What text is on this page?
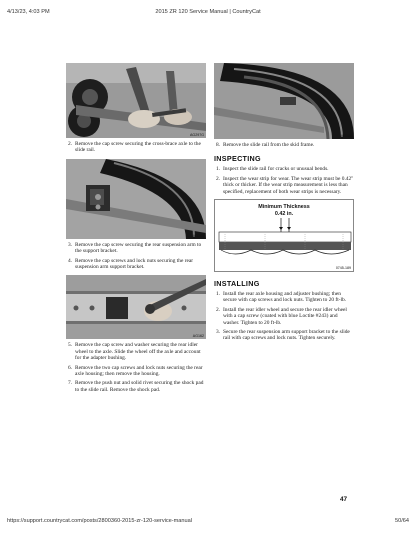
4/13/23, 4:03 PM	2015 ZR 120 Service Manual | CountryCat
AG297G

2. Remove the cap screw securing the cross-brace axle to the slide rail.

AG160

3. Remove the cap screw securing the rear suspension arm to the support bracket.

4. Remove the cap screws and lock nuts securing the rear suspension arm support bracket.

AG162

5. Remove the cap screw and washer securing the rear idler wheel to the axle. Slide the wheel off the axle and account for the adapter bushing.

6. Remove the two cap screws and lock nuts securing the rear axle housing; then remove the housing.

7. Remove the push nut and solid rivet securing the shock pad to the slide rail. Remove the shock pad.

AG161

8. Remove the slide rail from the skid frame.

INSPECTING

1. Inspect the slide rail for cracks or unusual bends.

2. Inspect the wear strip for wear. The wear strip must be 0.42" thick or thicker. If the wear strip measurement is less than specified, replacement of both wear strips is necessary.

Minimum Thickness
0.42 in.
0745-189
INSTALLING

1. Install the rear axle housing and adjuster bushing; then secure with cap screws and lock nuts. Tighten to 20 ft-lb.

2. Install the rear idler wheel and secure the rear idler wheel with a cap screw (coated with blue Loctite #243) and washer. Tighten to 20 ft-lb.

3. Secure the rear suspension arm support bracket to the slide rail with cap screws and lock nuts. Tighten securely.

47
https://support.countrycat.com/posts/2800360-2015-zr-120-service-manual	50/64
